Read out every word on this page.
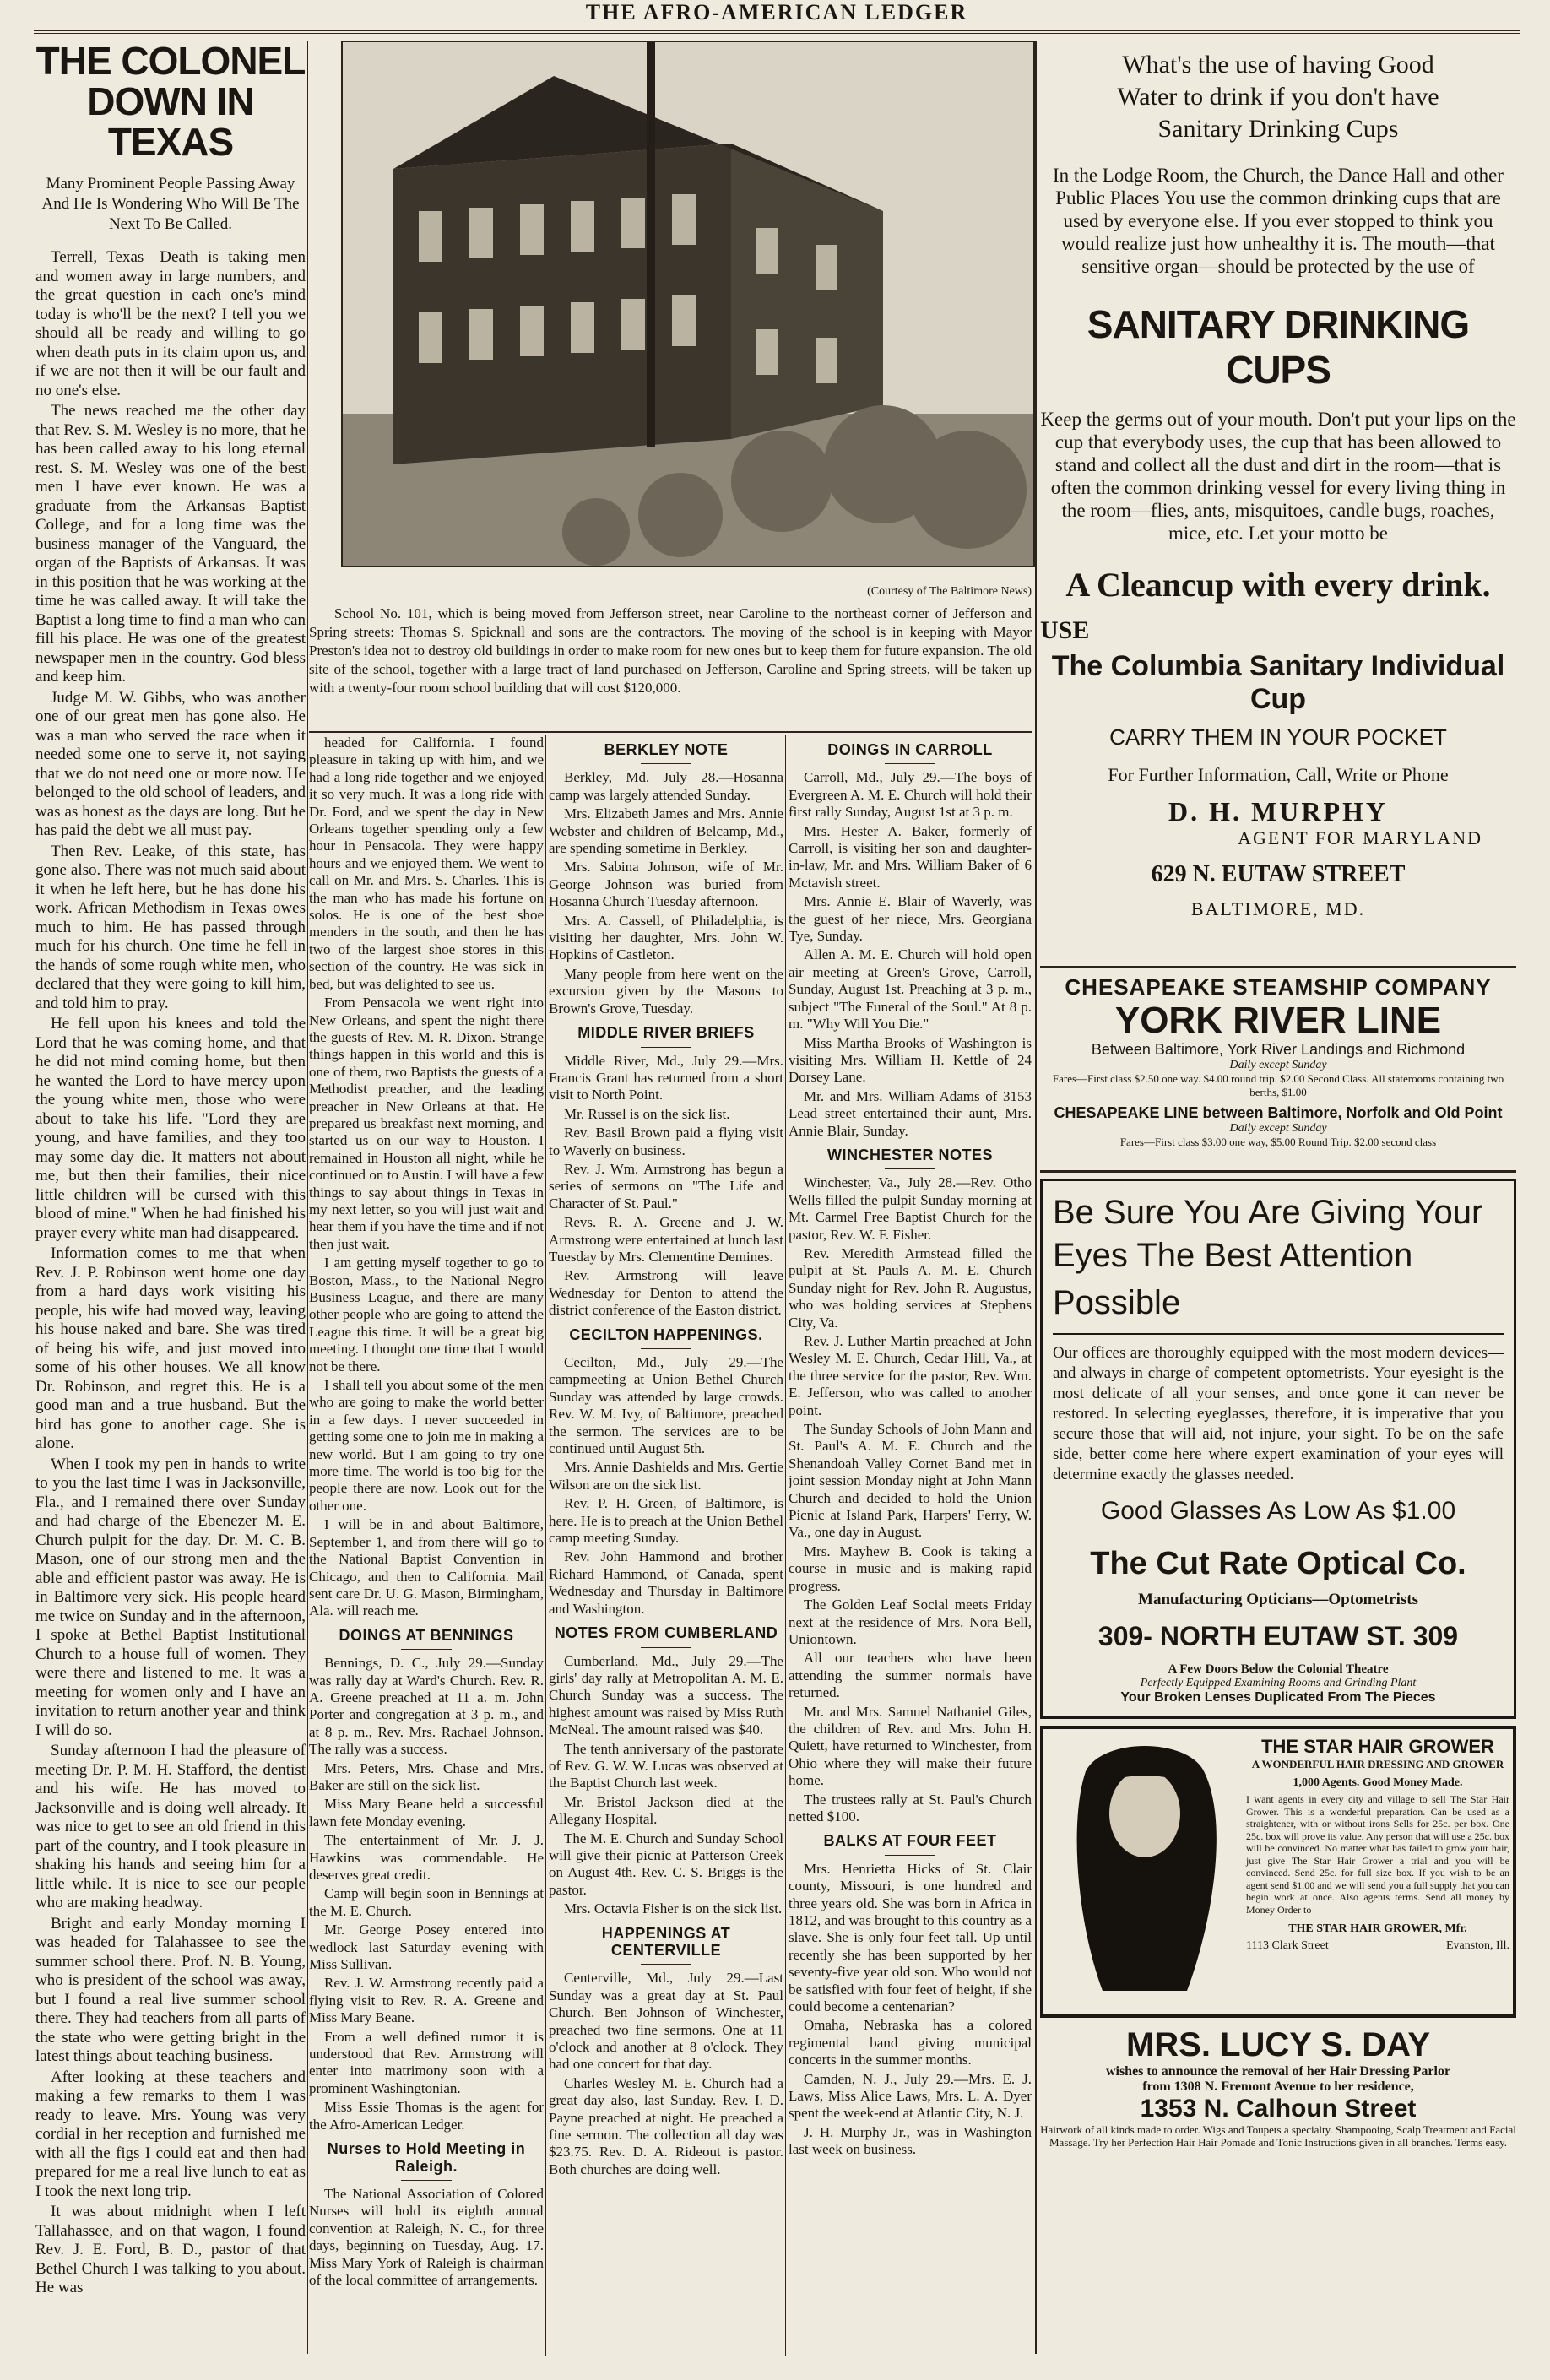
THE AFRO-AMERICAN LEDGER
THE COLONEL
DOWN IN TEXAS
Many Prominent People Passing Away And He Is Wondering Who Will Be The Next To Be Called.

Terrell, Texas—Death is taking men and women away in large numbers, and the great question in each one's mind today is who'll be the next? I tell you we should all be ready and willing to go when death puts in its claim upon us, and if we are not then it will be our fault and no one's else.

The news reached me the other day that Rev. S. M. Wesley is no more, that he has been called away to his long eternal rest. S. M. Wesley was one of the best men I have ever known. He was a graduate from the Arkansas Baptist College, and for a long time was the business manager of the Vanguard, the organ of the Baptists of Arkansas. It was in this position that he was working at the time he was called away. It will take the Baptist a long time to find a man who can fill his place. He was one of the greatest newspaper men in the country. God bless and keep him.

Judge M. W. Gibbs, who was another one of our great men has gone also. He was a man who served the race when it needed some one to serve it, not saying that we do not need one or more now. He belonged to the old school of leaders, and was as honest as the days are long. But he has paid the debt we all must pay.

Then Rev. Leake, of this state, has gone also. There was not much said about it when he left here, but he has done his work. African Methodism in Texas owes much to him. He has passed through much for his church. One time he fell in the hands of some rough white men, who declared that they were going to kill him, and told him to pray.

He fell upon his knees and told the Lord that he was coming home, and that he did not mind coming home, but then he wanted the Lord to have mercy upon the young white men, those who were about to take his life. "Lord they are young, and have families, and they too may some day die. It matters not about me, but then their families, their nice little children will be cursed with this blood of mine." When he had finished his prayer every white man had disappeared.

Information comes to me that when Rev. J. P. Robinson went home one day from a hard days work visiting his people, his wife had moved way, leaving his house naked and bare. She was tired of being his wife, and just moved into some of his other houses. We all know Dr. Robinson, and regret this. He is a good man and a true husband. But the bird has gone to another cage. She is alone.

When I took my pen in hands to write to you the last time I was in Jacksonville, Fla., and I remained there over Sunday and had charge of the Ebenezer M. E. Church pulpit for the day. Dr. M. C. B. Mason, one of our strong men and the able and efficient pastor was away. He is in Baltimore very sick. His people heard me twice on Sunday and in the afternoon, I spoke at Bethel Baptist Institutional Church to a house full of women. They were there and listened to me. It was a meeting for women only and I have an invitation to return another year and think I will do so.

Sunday afternoon I had the pleasure of meeting Dr. P. M. H. Stafford, the dentist and his wife. He has moved to Jacksonville and is doing well already. It was nice to get to see an old friend in this part of the country, and I took pleasure in shaking his hands and seeing him for a little while. It is nice to see our people who are making headway.

Bright and early Monday morning I was headed for Talahassee to see the summer school there. Prof. N. B. Young, who is president of the school was away, but I found a real live summer school there. They had teachers from all parts of the state who were getting bright in the latest things about teaching business.

After looking at these teachers and making a few remarks to them I was ready to leave. Mrs. Young was very cordial in her reception and furnished me with all the figs I could eat and then had prepared for me a real live lunch to eat as I took the next long trip.

It was about midnight when I left Tallahassee, and on that wagon, I found Rev. J. E. Ford, B. D., pastor of that Bethel Church I was talking to you about. He was

(Courtesy of The Baltimore News)
School No. 101, which is being moved from Jefferson street, near Caroline to the northeast corner of Jefferson and Spring streets: Thomas S. Spicknall and sons are the contractors. The moving of the school is in keeping with Mayor Preston's idea not to destroy old buildings in order to make room for new ones but to keep them for future expansion. The old site of the school, together with a large tract of land purchased on Jefferson, Caroline and Spring streets, will be taken up with a twenty-four room school building that will cost $120,000.

headed for California. I found pleasure in taking up with him, and we had a long ride together and we enjoyed it so very much. It was a long ride with Dr. Ford, and we spent the day in New Orleans together spending only a few hour in Pensacola. They were happy hours and we enjoyed them. We went to call on Mr. and Mrs. S. Charles. This is the man who has made his fortune on solos. He is one of the best shoe menders in the south, and then he has two of the largest shoe stores in this section of the country. He was sick in bed, but was delighted to see us.

From Pensacola we went right into New Orleans, and spent the night there the guests of Rev. M. R. Dixon. Strange things happen in this world and this is one of them, two Baptists the guests of a Methodist preacher, and the leading preacher in New Orleans at that. He prepared us breakfast next morning, and started us on our way to Houston. I remained in Houston all night, while he continued on to Austin. I will have a few things to say about things in Texas in my next letter, so you will just wait and hear them if you have the time and if not then just wait.

I am getting myself together to go to Boston, Mass., to the National Negro Business League, and there are many other people who are going to attend the League this time. It will be a great big meeting. I thought one time that I would not be there.

I shall tell you about some of the men who are going to make the world better in a few days. I never succeeded in getting some one to join me in making a new world. But I am going to try one more time. The world is too big for the people there are now. Look out for the other one.

I will be in and about Baltimore, September 1, and from there will go to the National Baptist Convention in Chicago, and then to California. Mail sent care Dr. U. G. Mason, Birmingham, Ala. will reach me.

DOINGS AT BENNINGS

Bennings, D. C., July 29.—Sunday was rally day at Ward's Church. Rev. R. A. Greene preached at 11 a. m. John Porter and congregation at 3 p. m., and at 8 p. m., Rev. Mrs. Rachael Johnson. The rally was a success.

Mrs. Peters, Mrs. Chase and Mrs. Baker are still on the sick list.

Miss Mary Beane held a successful lawn fete Monday evening.

The entertainment of Mr. J. J. Hawkins was commendable. He deserves great credit.

Camp will begin soon in Bennings at the M. E. Church.

Mr. George Posey entered into wedlock last Saturday evening with Miss Sullivan.

Rev. J. W. Armstrong recently paid a flying visit to Rev. R. A. Greene and Miss Mary Beane.

From a well defined rumor it is understood that Rev. Armstrong will enter into matrimony soon with a prominent Washingtonian.

Miss Essie Thomas is the agent for the Afro-American Ledger.

Nurses to Hold Meeting in Raleigh.

The National Association of Colored Nurses will hold its eighth annual convention at Raleigh, N. C., for three days, beginning on Tuesday, Aug. 17. Miss Mary York of Raleigh is chairman of the local committee of arrangements.

BERKLEY NOTE

Berkley, Md. July 28.—Hosanna camp was largely attended Sunday.

Mrs. Elizabeth James and Mrs. Annie Webster and children of Belcamp, Md., are spending sometime in Berkley.

Mrs. Sabina Johnson, wife of Mr. George Johnson was buried from Hosanna Church Tuesday afternoon.

Mrs. A. Cassell, of Philadelphia, is visiting her daughter, Mrs. John W. Hopkins of Castleton.

Many people from here went on the excursion given by the Masons to Brown's Grove, Tuesday.

MIDDLE RIVER BRIEFS

Middle River, Md., July 29.—Mrs. Francis Grant has returned from a short visit to North Point.

Mr. Russel is on the sick list.

Rev. Basil Brown paid a flying visit to Waverly on business.

Rev. J. Wm. Armstrong has begun a series of sermons on "The Life and Character of St. Paul."

Revs. R. A. Greene and J. W. Armstrong were entertained at lunch last Tuesday by Mrs. Clementine Demines.

Rev. Armstrong will leave Wednesday for Denton to attend the district conference of the Easton district.

CECILTON HAPPENINGS.

Cecilton, Md., July 29.—The campmeeting at Union Bethel Church Sunday was attended by large crowds. Rev. W. M. Ivy, of Baltimore, preached the sermon. The services are to be continued until August 5th.

Mrs. Annie Dashields and Mrs. Gertie Wilson are on the sick list.

Rev. P. H. Green, of Baltimore, is here. He is to preach at the Union Bethel camp meeting Sunday.

Rev. John Hammond and brother Richard Hammond, of Canada, spent Wednesday and Thursday in Baltimore and Washington.

NOTES FROM CUMBERLAND

Cumberland, Md., July 29.—The girls' day rally at Metropolitan A. M. E. Church Sunday was a success. The highest amount was raised by Miss Ruth McNeal. The amount raised was $40.

The tenth anniversary of the pastorate of Rev. G. W. W. Lucas was observed at the Baptist Church last week.

Mr. Bristol Jackson died at the Allegany Hospital.

The M. E. Church and Sunday School will give their picnic at Patterson Creek on August 4th. Rev. C. S. Briggs is the pastor.

Mrs. Octavia Fisher is on the sick list.

HAPPENINGS AT CENTERVILLE

Centerville, Md., July 29.—Last Sunday was a great day at St. Paul Church. Ben Johnson of Winchester, preached two fine sermons. One at 11 o'clock and another at 8 o'clock. They had one concert for that day.

Charles Wesley M. E. Church had a great day also, last Sunday. Rev. I. D. Payne preached at night. He preached a fine sermon. The collection all day was $23.75. Rev. D. A. Rideout is pastor. Both churches are doing well.

DOINGS IN CARROLL

Carroll, Md., July 29.—The boys of Evergreen A. M. E. Church will hold their first rally Sunday, August 1st at 3 p. m.

Mrs. Hester A. Baker, formerly of Carroll, is visiting her son and daughter-in-law, Mr. and Mrs. William Baker of 6 Mctavish street.

Mrs. Annie E. Blair of Waverly, was the guest of her niece, Mrs. Georgiana Tye, Sunday.

Allen A. M. E. Church will hold open air meeting at Green's Grove, Carroll, Sunday, August 1st. Preaching at 3 p. m., subject "The Funeral of the Soul." At 8 p. m. "Why Will You Die."

Miss Martha Brooks of Washington is visiting Mrs. William H. Kettle of 24 Dorsey Lane.

Mr. and Mrs. William Adams of 3153 Lead street entertained their aunt, Mrs. Annie Blair, Sunday.

WINCHESTER NOTES

Winchester, Va., July 28.—Rev. Otho Wells filled the pulpit Sunday morning at Mt. Carmel Free Baptist Church for the pastor, Rev. W. F. Fisher.

Rev. Meredith Armstead filled the pulpit at St. Pauls A. M. E. Church Sunday night for Rev. John R. Augustus, who was holding services at Stephens City, Va.

Rev. J. Luther Martin preached at John Wesley M. E. Church, Cedar Hill, Va., at the three service for the pastor, Rev. Wm. E. Jefferson, who was called to another point.

The Sunday Schools of John Mann and St. Paul's A. M. E. Church and the Shenandoah Valley Cornet Band met in joint session Monday night at John Mann Church and decided to hold the Union Picnic at Island Park, Harpers' Ferry, W. Va., one day in August.

Mrs. Mayhew B. Cook is taking a course in music and is making rapid progress.

The Golden Leaf Social meets Friday next at the residence of Mrs. Nora Bell, Uniontown.

All our teachers who have been attending the summer normals have returned.

Mr. and Mrs. Samuel Nathaniel Giles, the children of Rev. and Mrs. John H. Quiett, have returned to Winchester, from Ohio where they will make their future home.

The trustees rally at St. Paul's Church netted $100.

BALKS AT FOUR FEET

Mrs. Henrietta Hicks of St. Clair county, Missouri, is one hundred and three years old. She was born in Africa in 1812, and was brought to this country as a slave. She is only four feet tall. Up until recently she has been supported by her seventy-five year old son. Who would not be satisfied with four feet of height, if she could become a centenarian?

Omaha, Nebraska has a colored regimental band giving municipal concerts in the summer months.

Camden, N. J., July 29.—Mrs. E. J. Laws, Miss Alice Laws, Mrs. L. A. Dyer spent the week-end at Atlantic City, N. J.

J. H. Murphy Jr., was in Washington last week on business.

What's the use of having Good Water to drink if you don't have Sanitary Drinking Cups
In the Lodge Room, the Church, the Dance Hall and other Public Places You use the common drinking cups that are used by everyone else. If you ever stopped to think you would realize just how unhealthy it is. The mouth—that sensitive organ—should be protected by the use of
SANITARY DRINKING CUPS
Keep the germs out of your mouth. Don't put your lips on the cup that everybody uses, the cup that has been allowed to stand and collect all the dust and dirt in the room—that is often the common drinking vessel for every living thing in the room—flies, ants, misquitoes, candle bugs, roaches, mice, etc. Let your motto be
A Cleancup with every drink.
USE
The Columbia Sanitary Individual Cup
CARRY THEM IN YOUR POCKET
For Further Information, Call, Write or Phone
D. H. MURPHY
AGENT FOR MARYLAND
629 N. EUTAW STREET
BALTIMORE, MD.
CHESAPEAKE STEAMSHIP COMPANY
YORK RIVER LINE
Between Baltimore, York River Landings and Richmond
Daily except Sunday
Fares—First class $2.50 one way. $4.00 round trip. $2.00 Second Class. All staterooms containing two berths, $1.00
CHESAPEAKE LINE between Baltimore, Norfolk and Old Point
Daily except Sunday
Fares—First class $3.00 one way, $5.00 Round Trip. $2.00 second class
Be Sure You Are Giving Your
Eyes The Best Attention Possible
Our offices are thoroughly equipped with the most modern devices—and always in charge of competent optometrists. Your eyesight is the most delicate of all your senses, and once gone it can never be restored. In selecting eyeglasses, therefore, it is imperative that you secure those that will aid, not injure, your sight. To be on the safe side, better come here where expert examination of your eyes will determine exactly the glasses needed.
Good Glasses As Low As $1.00
The Cut Rate Optical Co.
Manufacturing Opticians—Optometrists
309- NORTH EUTAW ST. 309
A Few Doors Below the Colonial Theatre
Perfectly Equipped Examining Rooms and Grinding Plant
Your Broken Lenses Duplicated From The Pieces
THE STAR HAIR GROWER
A WONDERFUL HAIR DRESSING AND GROWER
1,000 Agents. Good Money Made.
I want agents in every city and village to sell The Star Hair Grower. This is a wonderful preparation. Can be used as a straightener, with or without irons Sells for 25c. per box. One 25c. box will prove its value. Any person that will use a 25c. box will be convinced. No matter what has failed to grow your hair, just give The Star Hair Grower a trial and you will be convinced. Send 25c. for full size box. If you wish to be an agent send $1.00 and we will send you a full supply that you can begin work at once. Also agents terms. Send all money by Money Order to
THE STAR HAIR GROWER, Mfr.
1113 Clark Street	Evanston, Ill.
MRS. LUCY S. DAY
wishes to announce the removal of her Hair Dressing Parlor
from 1308 N. Fremont Avenue to her residence,
1353 N. Calhoun Street
Hairwork of all kinds made to order. Wigs and Toupets a specialty. Shampooing, Scalp Treatment and Facial Massage. Try her Perfection Hair Hair Pomade and Tonic Instructions given in all branches. Terms easy.
